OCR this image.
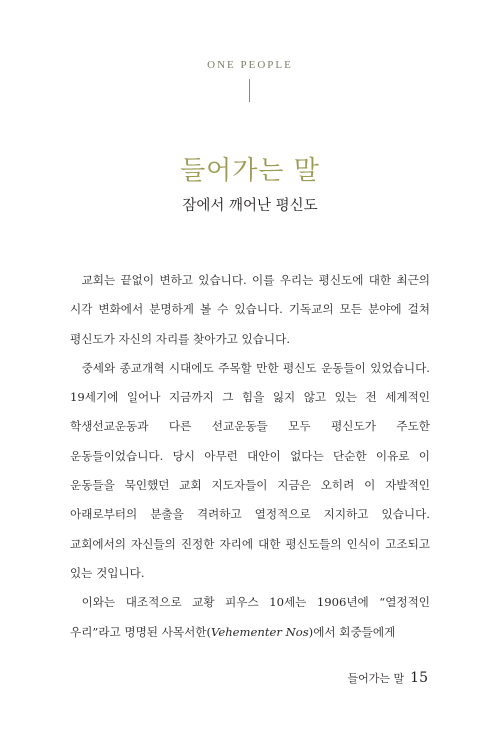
ONE PEOPLE
들어가는 말
잠에서 깨어난 평신도

교회는 끝없이 변하고 있습니다. 이를 우리는 평신도에 대한 최근의 시각 변화에서 분명하게 볼 수 있습니다. 기독교의 모든 분야에 걸쳐 평신도가 자신의 자리를 찾아가고 있습니다.

중세와 종교개혁 시대에도 주목할 만한 평신도 운동들이 있었습니다. 19세기에 일어나 지금까지 그 힘을 잃지 않고 있는 전 세계적인 학생선교운동과 다른 선교운동들 모두 평신도가 주도한 운동들이었습니다. 당시 아무런 대안이 없다는 단순한 이유로 이 운동들을 묵인했던 교회 지도자들이 지금은 오히려 이 자발적인 아래로부터의 분출을 격려하고 열정적으로 지지하고 있습니다. 교회에서의 자신들의 진정한 자리에 대한 평신도들의 인식이 고조되고 있는 것입니다.

이와는 대조적으로 교황 피우스 10세는 1906년에 “열정적인 우리”라고 명명된 사목서한(Vehementer Nos)에서 회중들에게

들어가는 말 15
